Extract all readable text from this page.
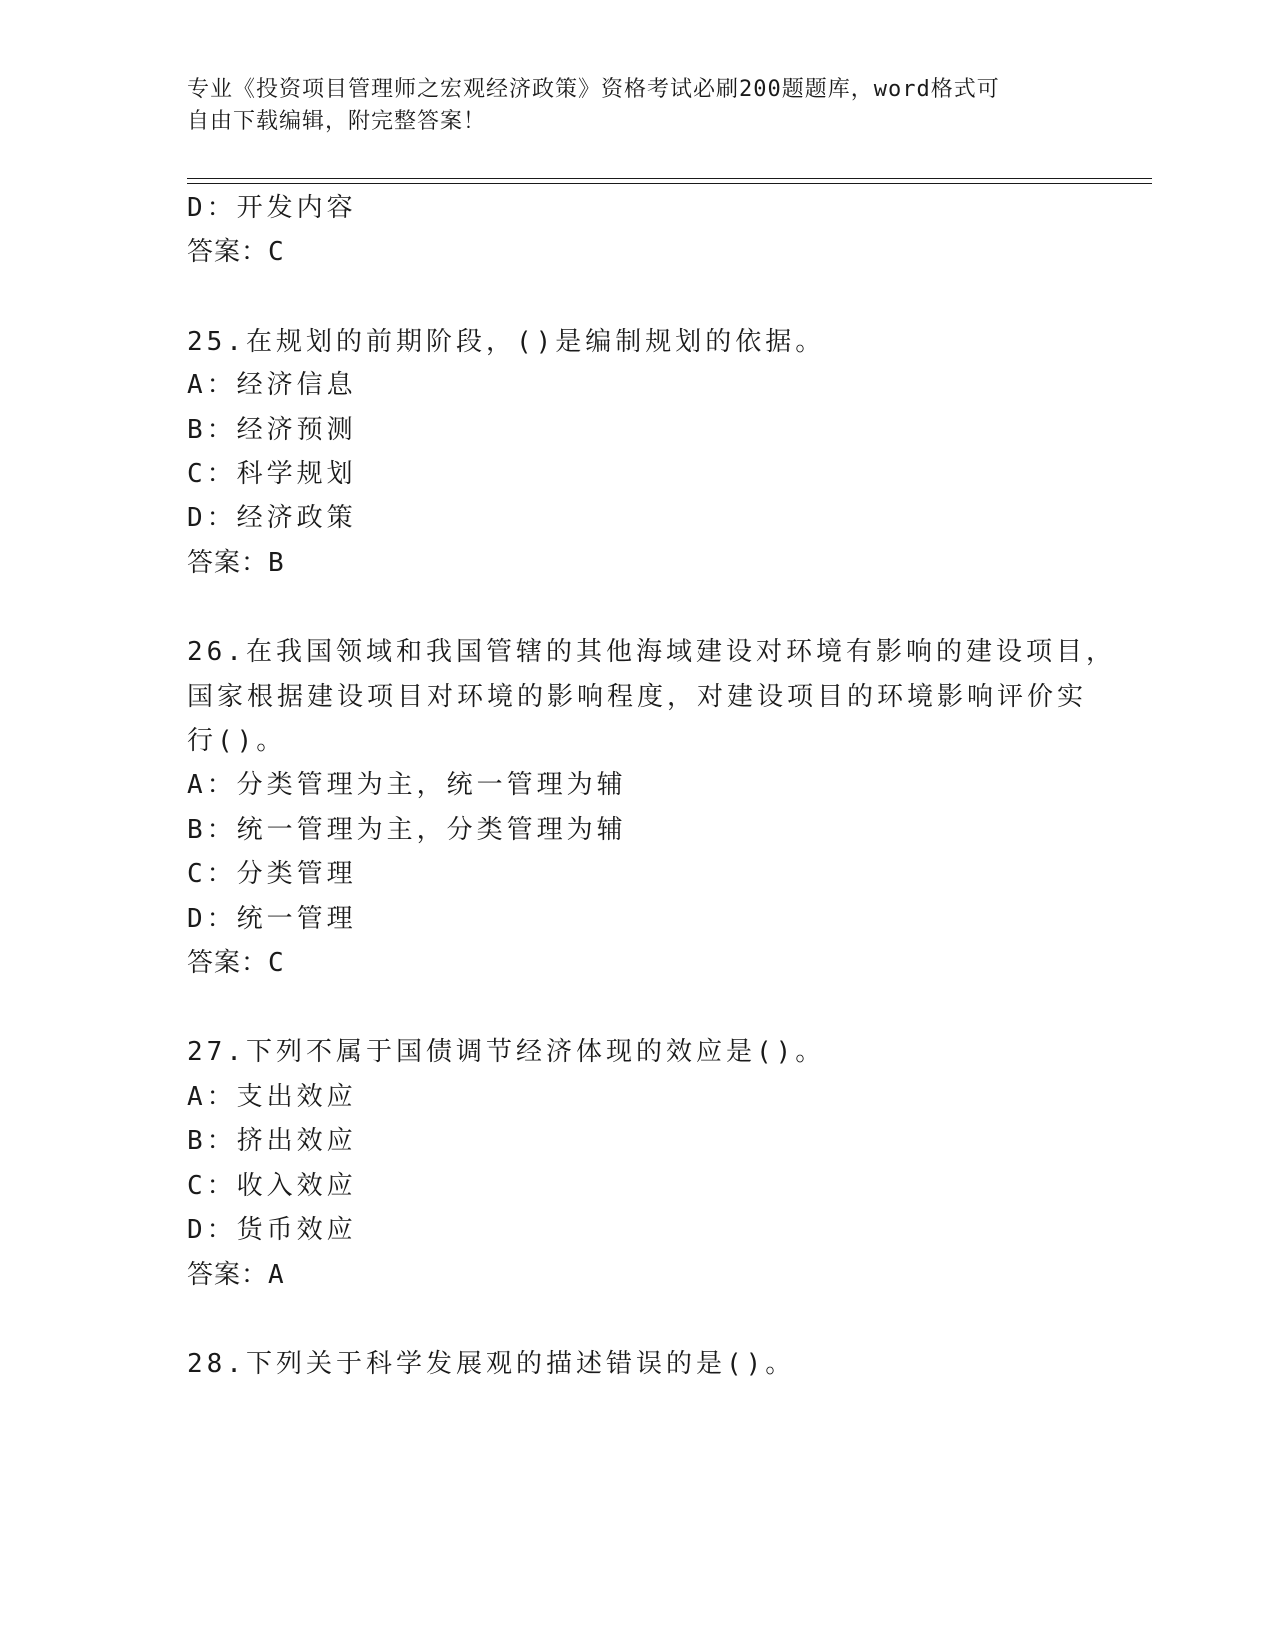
专业《投资项目管理师之宏观经济政策》资格考试必刷200题题库，word格式可
自由下载编辑，附完整答案！
D：开发内容
答案：C
25.在规划的前期阶段，()是编制规划的依据。
A：经济信息
B：经济预测
C：科学规划
D：经济政策
答案：B
26.在我国领域和我国管辖的其他海域建设对环境有影响的建设项目，
国家根据建设项目对环境的影响程度，对建设项目的环境影响评价实
行()。
A：分类管理为主，统一管理为辅
B：统一管理为主，分类管理为辅
C：分类管理
D：统一管理
答案：C
27.下列不属于国债调节经济体现的效应是()。
A：支出效应
B：挤出效应
C：收入效应
D：货币效应
答案：A
28.下列关于科学发展观的描述错误的是()。
